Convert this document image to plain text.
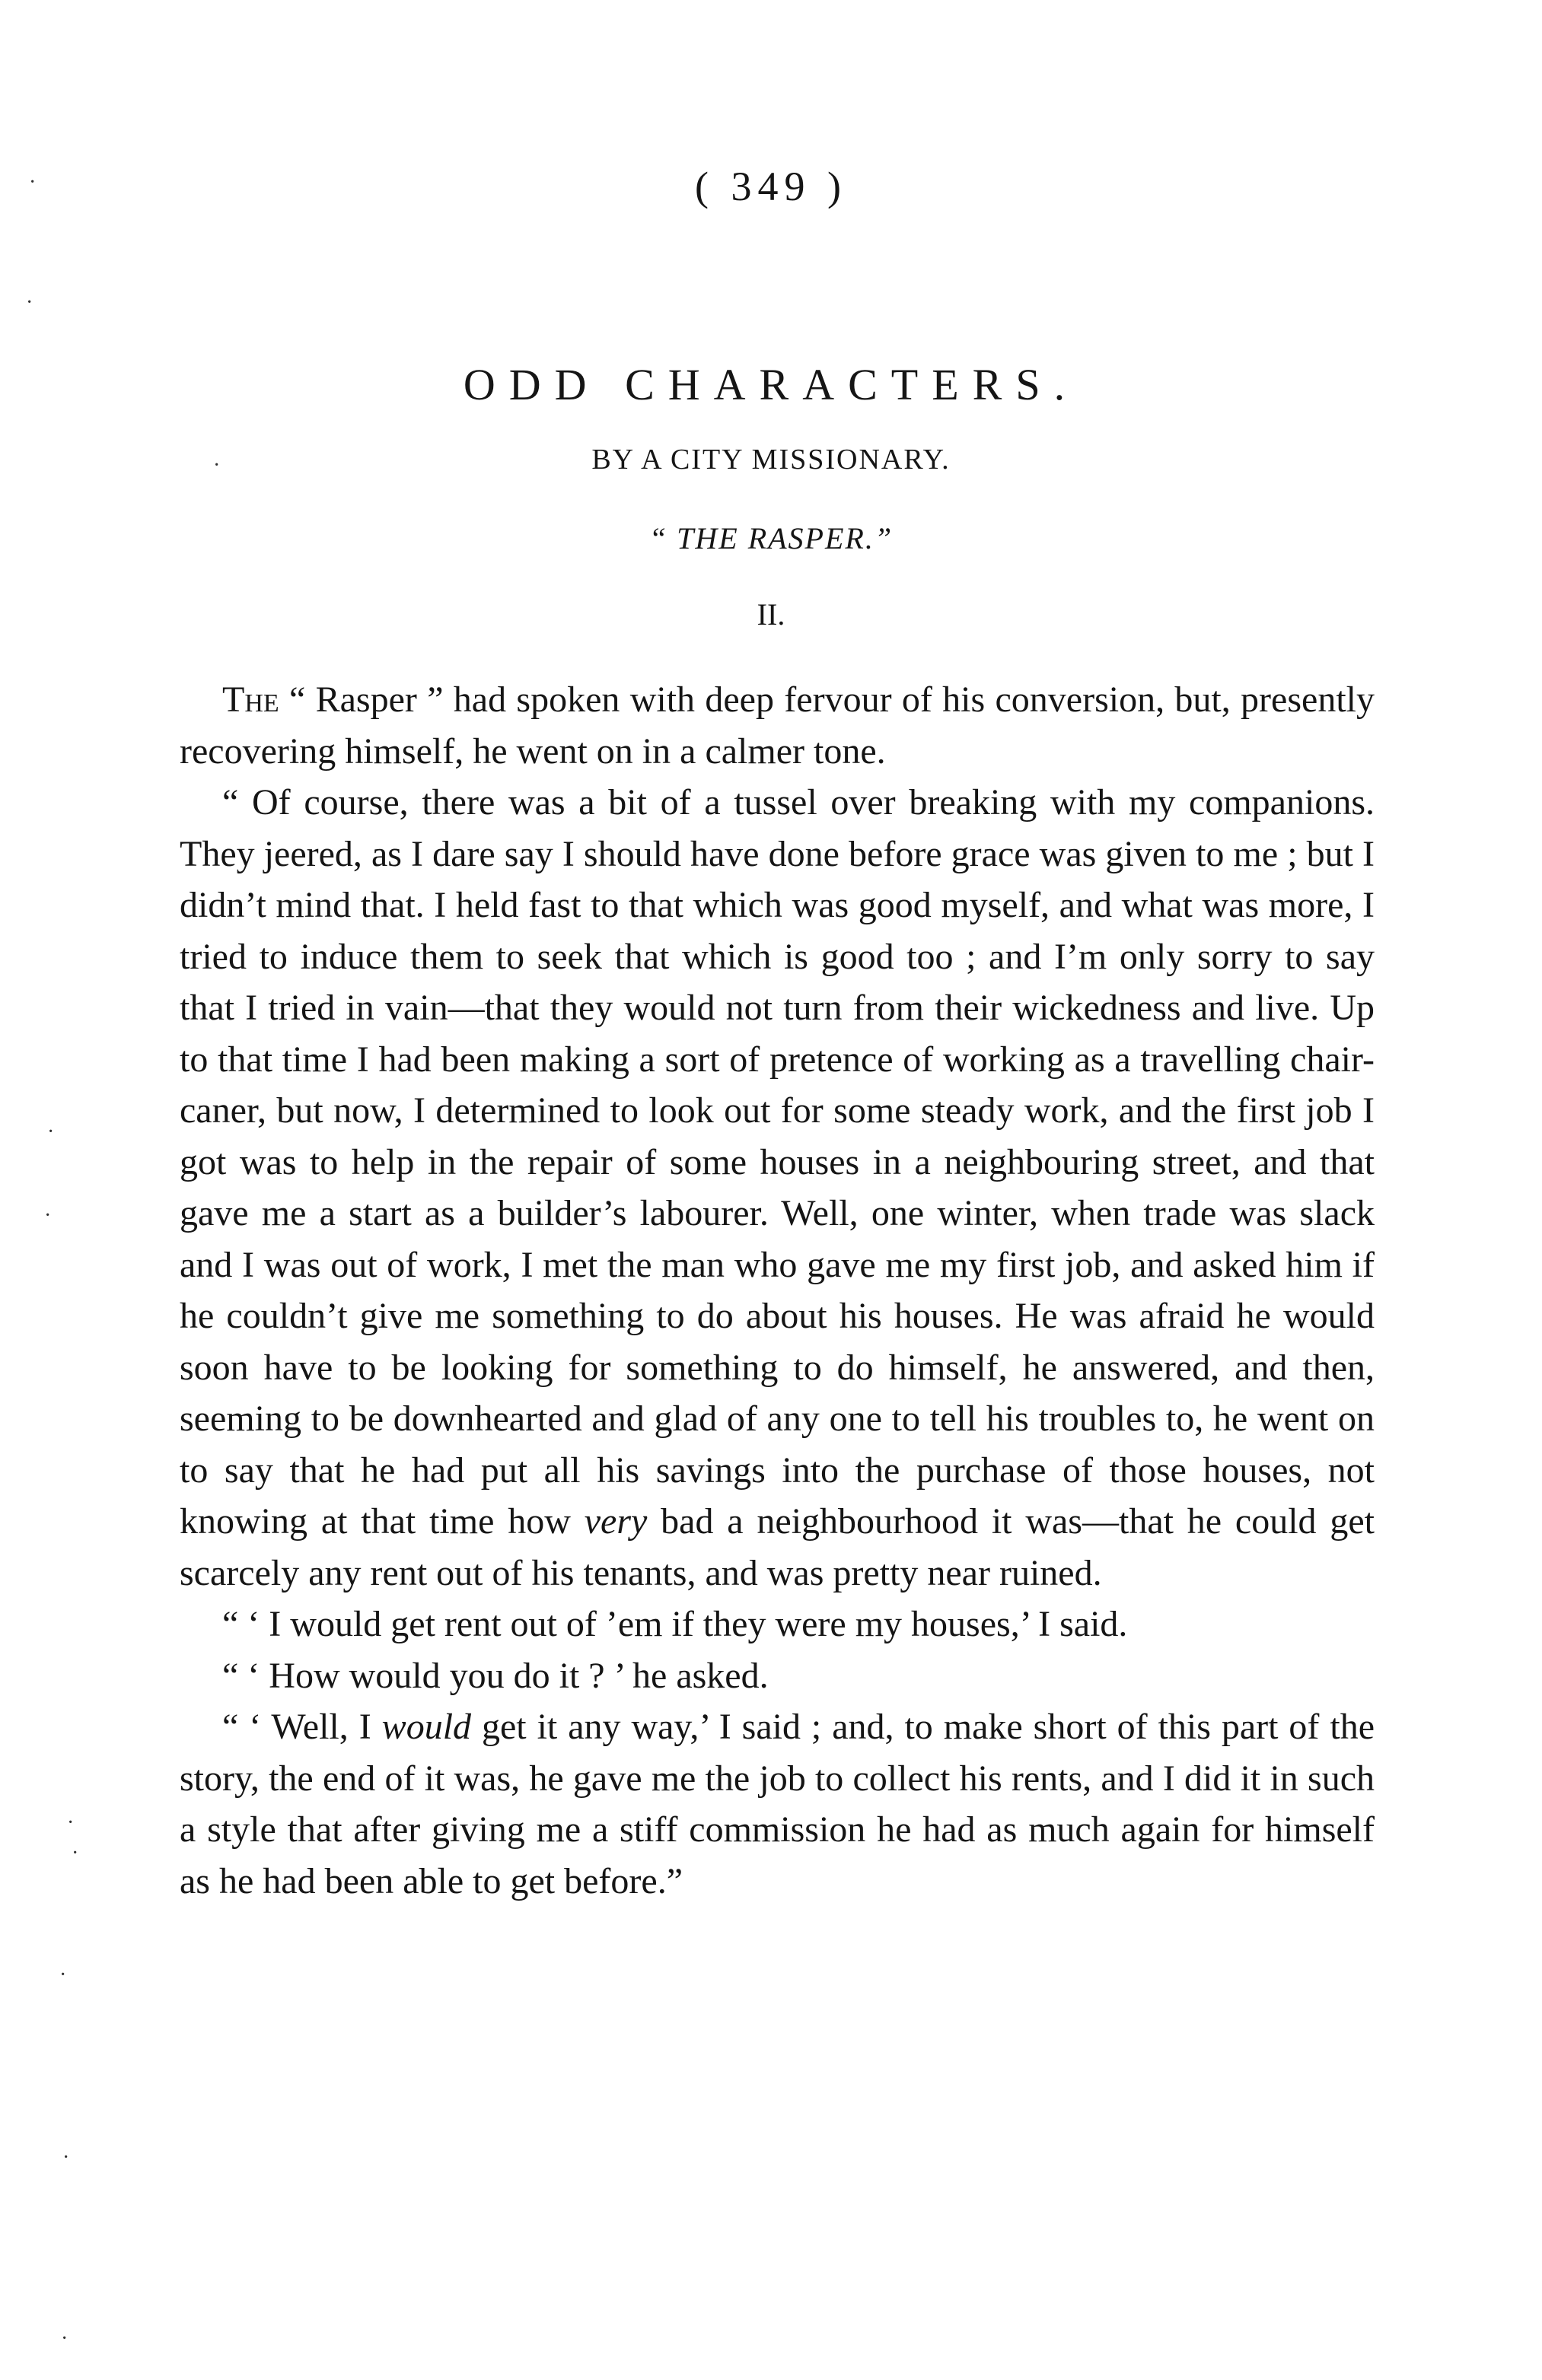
( 349 )
ODD CHARACTERS.
BY A CITY MISSIONARY.
“ THE RASPER.”
II.

The “ Rasper ” had spoken with deep fervour of his conversion, but, presently recovering himself, he went on in a calmer tone.

“ Of course, there was a bit of a tussel over breaking with my companions. They jeered, as I dare say I should have done before grace was given to me ; but I didn’t mind that. I held fast to that which was good myself, and what was more, I tried to induce them to seek that which is good too ; and I’m only sorry to say that I tried in vain—that they would not turn from their wickedness and live. Up to that time I had been making a sort of pretence of working as a travelling chair-caner, but now, I determined to look out for some steady work, and the first job I got was to help in the repair of some houses in a neighbouring street, and that gave me a start as a builder’s labourer. Well, one winter, when trade was slack and I was out of work, I met the man who gave me my first job, and asked him if he couldn’t give me something to do about his houses. He was afraid he would soon have to be looking for something to do himself, he answered, and then, seeming to be downhearted and glad of any one to tell his troubles to, he went on to say that he had put all his savings into the purchase of those houses, not knowing at that time how very bad a neighbourhood it was—that he could get scarcely any rent out of his tenants, and was pretty near ruined.

“ ‘ I would get rent out of ’em if they were my houses,’ I said.

“ ‘ How would you do it ? ’ he asked.

“ ‘ Well, I would get it any way,’ I said ; and, to make short of this part of the story, the end of it was, he gave me the job to collect his rents, and I did it in such a style that after giving me a stiff commission he had as much again for himself as he had been able to get before.”

·
·
·
·
·
·
·
·
·
·
